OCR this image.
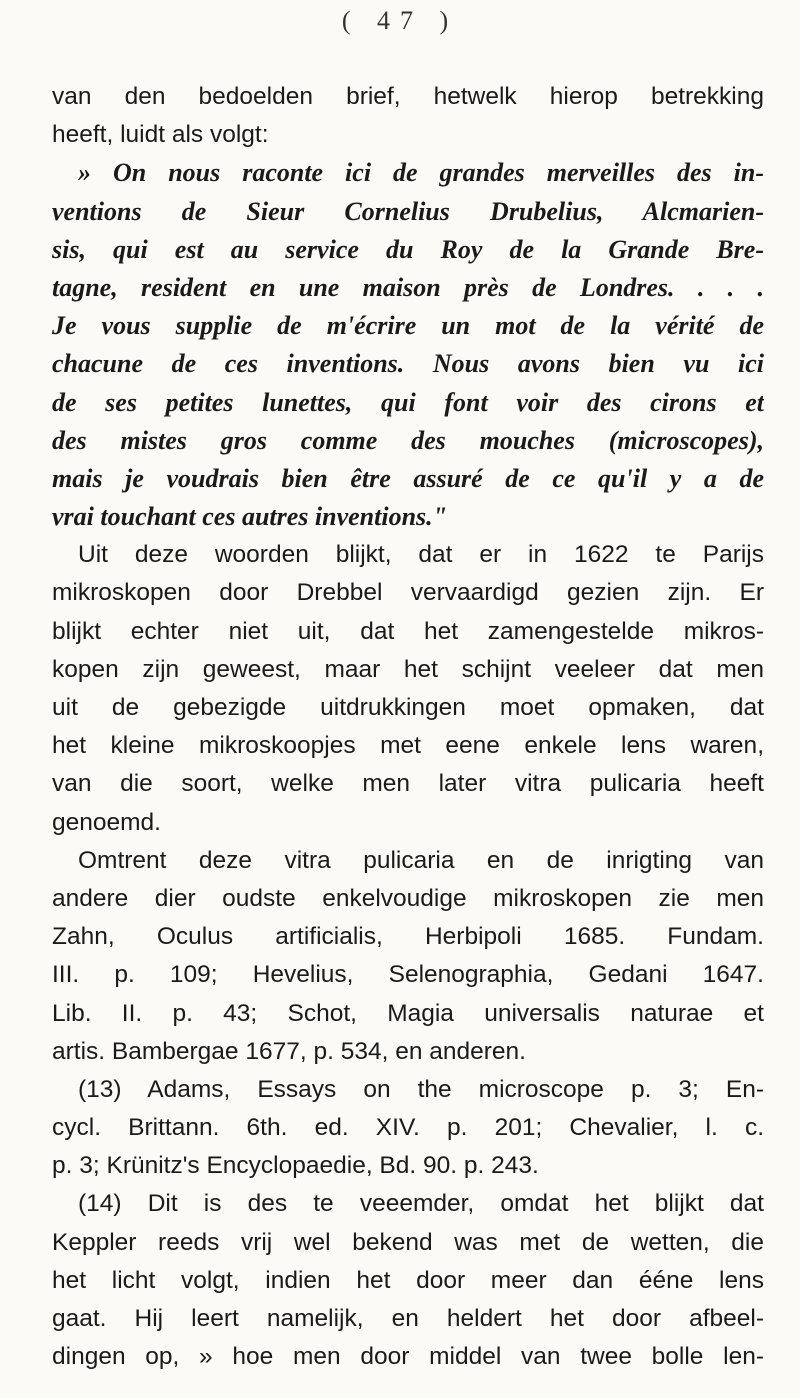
( 47 )
van den bedoelden brief, hetwelk hierop betrekking
heeft, luidt als volgt:
» On nous raconte ici de grandes merveilles des in-
ventions de Sieur Cornelius Drubelius, Alcmarien-
sis, qui est au service du Roy de la Grande Bre-
tagne, resident en une maison près de Londres. . . .
Je vous supplie de m'écrire un mot de la vérité de
chacune de ces inventions. Nous avons bien vu ici
de ses petites lunettes, qui font voir des cirons et
des mistes gros comme des mouches (microscopes),
mais je voudrais bien être assuré de ce qu'il y a de
vrai touchant ces autres inventions."
Uit deze woorden blijkt, dat er in 1622 te Parijs
mikroskopen door Drebbel vervaardigd gezien zijn. Er
blijkt echter niet uit, dat het zamengestelde mikros-
kopen zijn geweest, maar het schijnt veeleer dat men
uit de gebezigde uitdrukkingen moet opmaken, dat
het kleine mikroskoopjes met eene enkele lens waren,
van die soort, welke men later vitra pulicaria heeft
genoemd.
Omtrent deze vitra pulicaria en de inrigting van
andere dier oudste enkelvoudige mikroskopen zie men
Zahn, Oculus artificialis, Herbipoli 1685. Fundam.
III. p. 109; Hevelius, Selenographia, Gedani 1647.
Lib. II. p. 43; Schot, Magia universalis naturae et
artis. Bambergae 1677, p. 534, en anderen.
(13) Adams, Essays on the microscope p. 3; En-
cycl. Brittann. 6th. ed. XIV. p. 201; Chevalier, l. c.
p. 3; Krünitz's Encyclopaedie, Bd. 90. p. 243.
(14) Dit is des te veeemder, omdat het blijkt dat
Keppler reeds vrij wel bekend was met de wetten, die
het licht volgt, indien het door meer dan ééne lens
gaat. Hij leert namelijk, en heldert het door afbeel-
dingen op, » hoe men door middel van twee bolle len-
